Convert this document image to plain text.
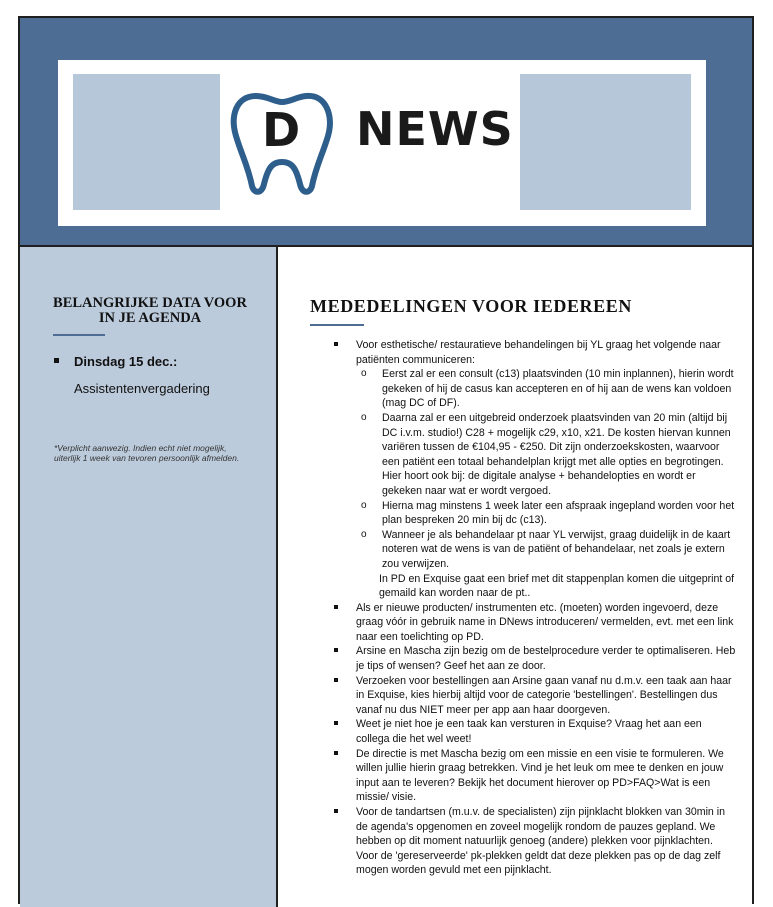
D NEWS
BELANGRIJKE DATA VOOR IN JE AGENDA
Dinsdag 15 dec.:
Assistentenvergadering
*Verplicht aanwezig. Indien echt niet mogelijk, uiterlijk 1 week van tevoren persoonlijk afmelden.
MEDEDELINGEN VOOR IEDEREEN
Voor esthetische/ restauratieve behandelingen bij YL graag het volgende naar patiënten communiceren:
o Eerst zal er een consult (c13) plaatsvinden (10 min inplannen), hierin wordt gekeken of hij de casus kan accepteren en of hij aan de wens kan voldoen (mag DC of DF).
o Daarna zal er een uitgebreid onderzoek plaatsvinden van 20 min (altijd bij DC i.v.m. studio!) C28 + mogelijk c29, x10, x21. De kosten hiervan kunnen variëren tussen de €104,95 - €250. Dit zijn onderzoekskosten, waarvoor een patiënt een totaal behandelplan krijgt met alle opties en begrotingen. Hier hoort ook bij: de digitale analyse + behandelopties en wordt er gekeken naar wat er wordt vergoed.
o Hierna mag minstens 1 week later een afspraak ingepland worden voor het plan bespreken 20 min bij dc (c13).
o Wanneer je als behandelaar pt naar YL verwijst, graag duidelijk in de kaart noteren wat de wens is van de patiënt of behandelaar, net zoals je extern zou verwijzen.
In PD en Exquise gaat een brief met dit stappenplan komen die uitgeprint of gemaild kan worden naar de pt..
Als er nieuwe producten/ instrumenten etc. (moeten) worden ingevoerd, deze graag vóór in gebruik name in DNews introduceren/ vermelden, evt. met een link naar een toelichting op PD.
Arsine en Mascha zijn bezig om de bestelprocedure verder te optimaliseren. Heb je tips of wensen? Geef het aan ze door.
Verzoeken voor bestellingen aan Arsine gaan vanaf nu d.m.v. een taak aan haar in Exquise, kies hierbij altijd voor de categorie 'bestellingen'. Bestellingen dus vanaf nu dus NIET meer per app aan haar doorgeven.
Weet je niet hoe je een taak kan versturen in Exquise? Vraag het aan een collega die het wel weet!
De directie is met Mascha bezig om een missie en een visie te formuleren. We willen jullie hierin graag betrekken. Vind je het leuk om mee te denken en jouw input aan te leveren? Bekijk het document hierover op PD>FAQ>Wat is een missie/ visie.
Voor de tandartsen (m.u.v. de specialisten) zijn pijnklacht blokken van 30min in de agenda's opgenomen en zoveel mogelijk rondom de pauzes gepland. We hebben op dit moment natuurlijk genoeg (andere) plekken voor pijnklachten. Voor de 'gereserveerde' pk-plekken geldt dat deze plekken pas op de dag zelf mogen worden gevuld met een pijnklacht.
